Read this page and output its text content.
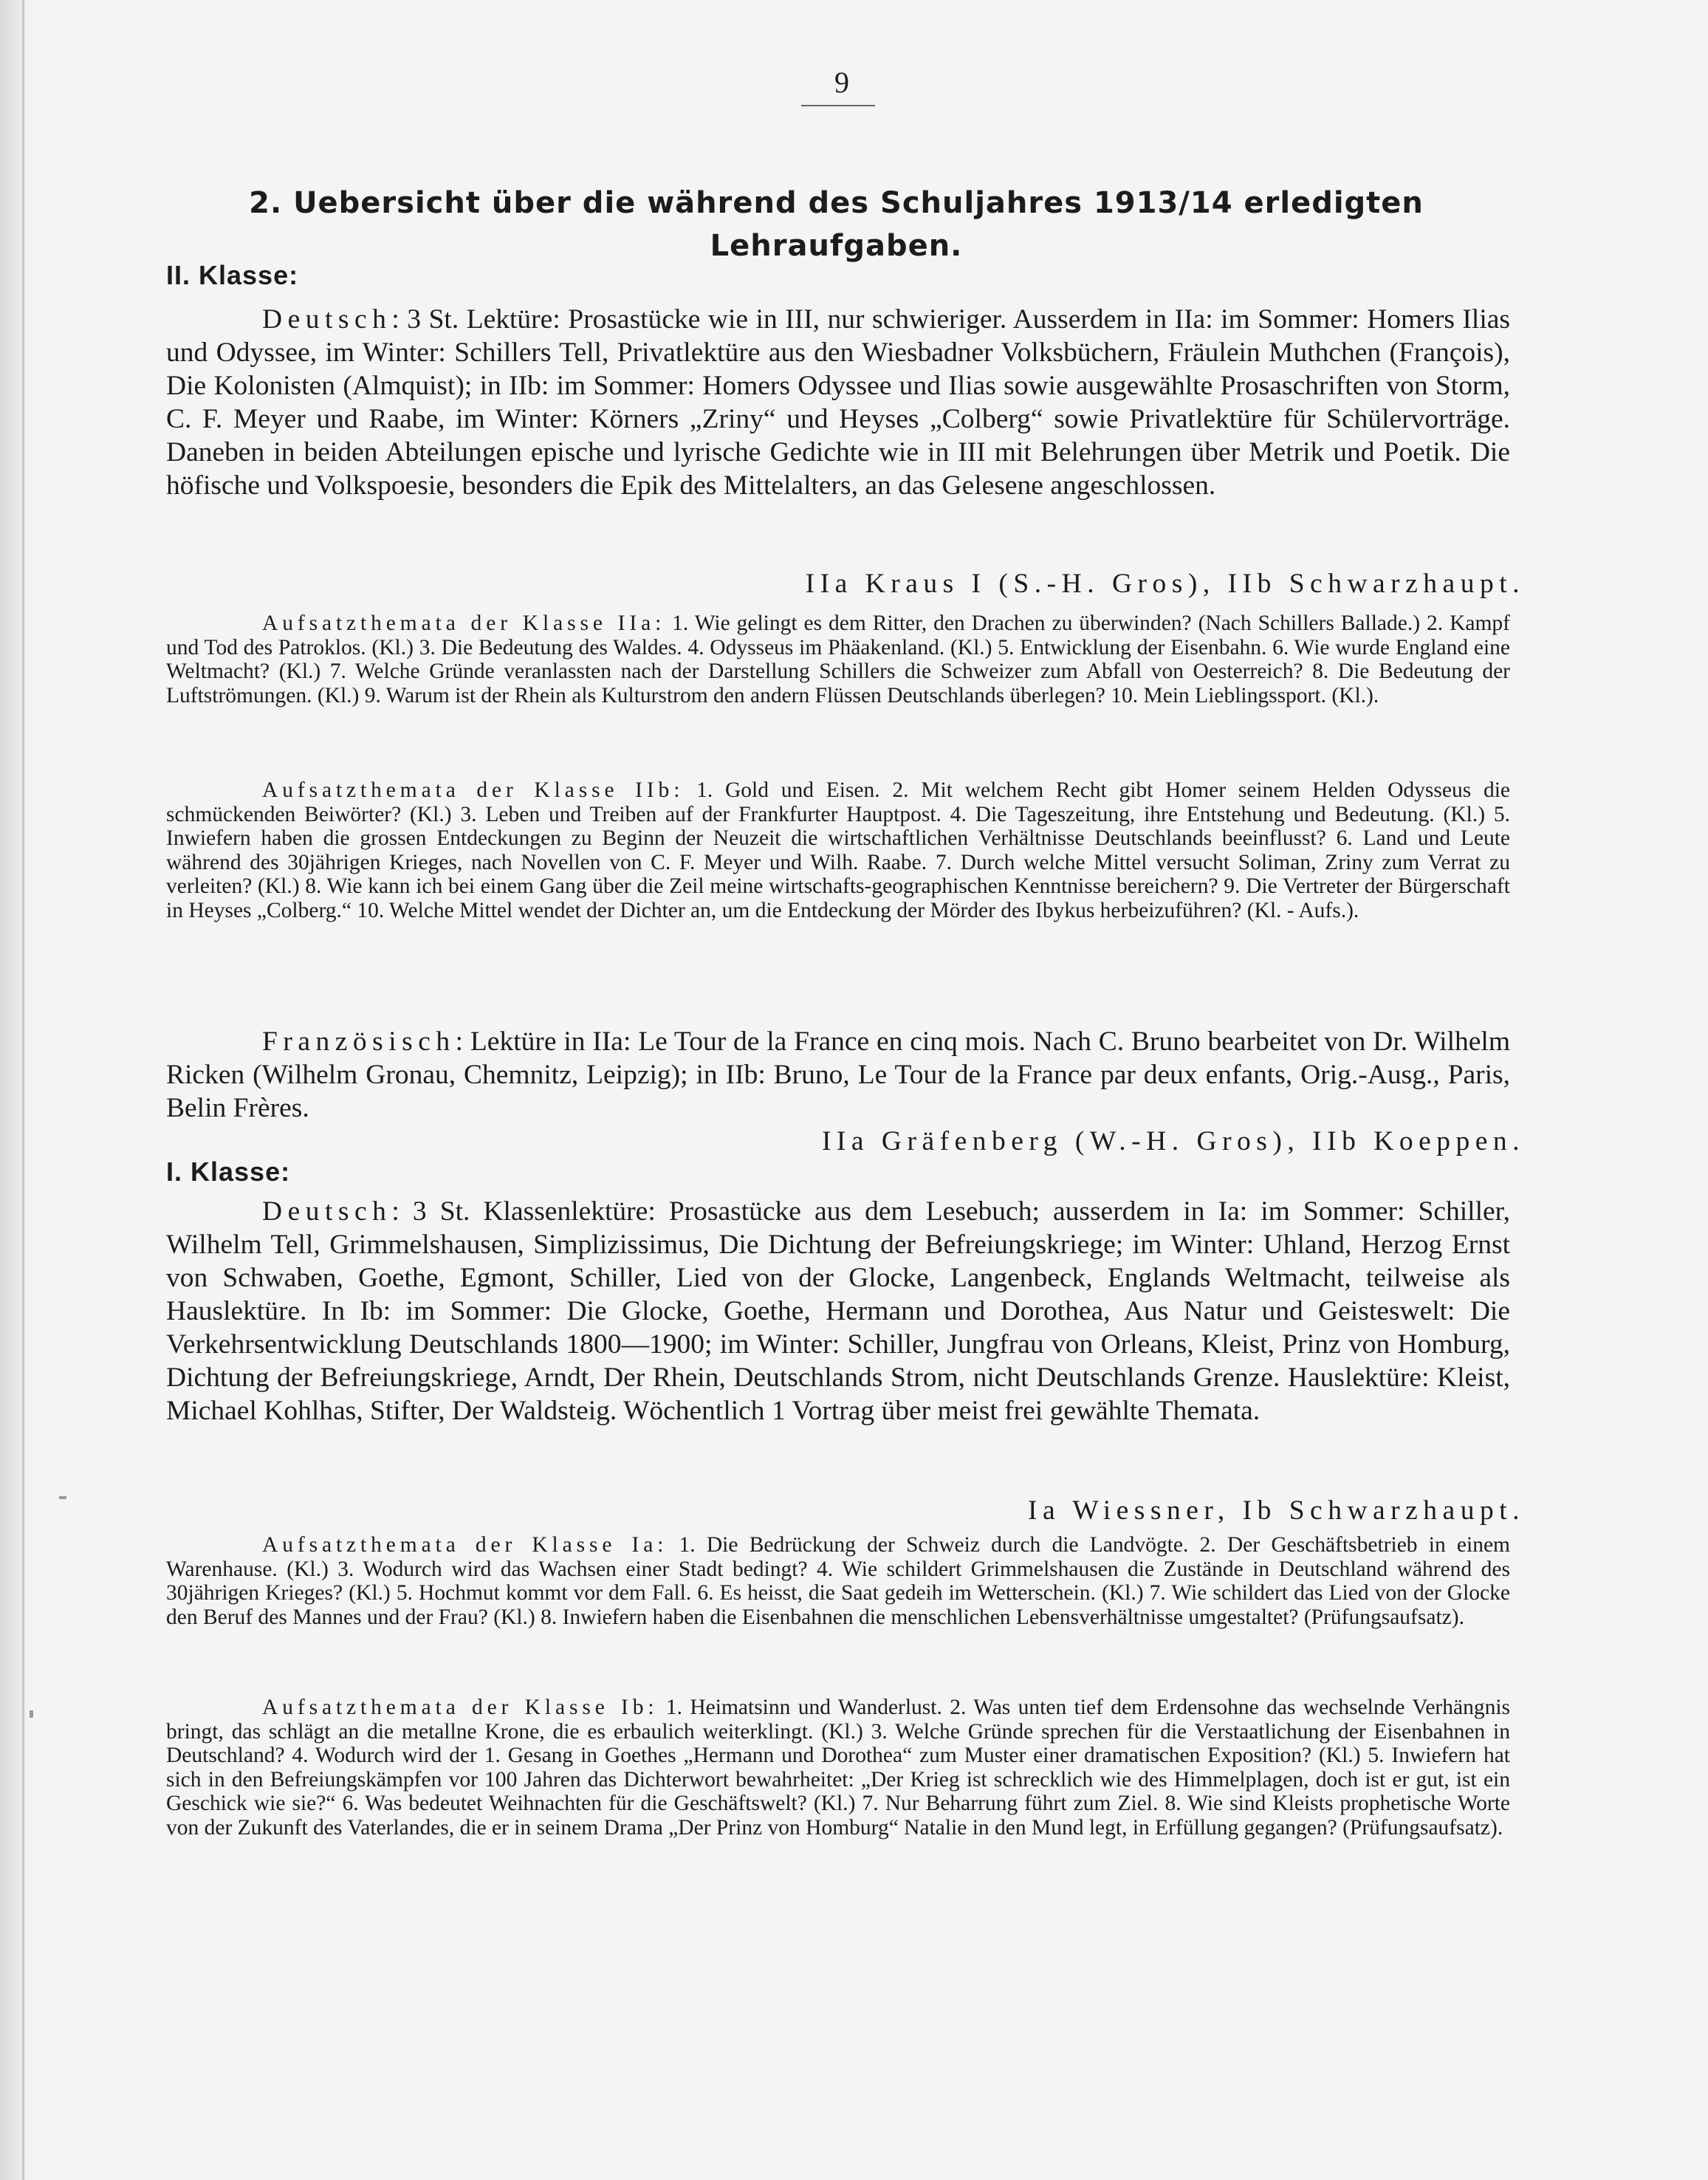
9
2. Uebersicht über die während des Schuljahres 1913/14 erledigten
Lehraufgaben.
II. Klasse:
Deutsch: 3 St. Lektüre: Prosastücke wie in III, nur schwieriger. Ausserdem in IIa: im Sommer: Homers Ilias und Odyssee, im Winter: Schillers Tell, Privatlektüre aus den Wiesbadner Volksbüchern, Fräulein Muthchen (François), Die Kolonisten (Almquist); in IIb: im Sommer: Homers Odyssee und Ilias sowie ausgewählte Prosaschriften von Storm, C. F. Meyer und Raabe, im Winter: Körners „Zriny“ und Heyses „Colberg“ sowie Privatlektüre für Schülervorträge. Daneben in beiden Abteilungen epische und lyrische Gedichte wie in III mit Belehrungen über Metrik und Poetik. Die höfische und Volkspoesie, besonders die Epik des Mittelalters, an das Gelesene angeschlossen.
IIa Kraus I (S.-H. Gros), IIb Schwarzhaupt.
Aufsatzthemata der Klasse IIa: 1. Wie gelingt es dem Ritter, den Drachen zu überwinden? (Nach Schillers Ballade.) 2. Kampf und Tod des Patroklos. (Kl.) 3. Die Bedeutung des Waldes. 4. Odysseus im Phäakenland. (Kl.) 5. Entwicklung der Eisenbahn. 6. Wie wurde England eine Weltmacht? (Kl.) 7. Welche Gründe veranlassten nach der Darstellung Schillers die Schweizer zum Abfall von Oesterreich? 8. Die Bedeutung der Luftströmungen. (Kl.) 9. Warum ist der Rhein als Kulturstrom den andern Flüssen Deutschlands überlegen? 10. Mein Lieblingssport. (Kl.).
Aufsatzthemata der Klasse IIb: 1. Gold und Eisen. 2. Mit welchem Recht gibt Homer seinem Helden Odysseus die schmückenden Beiwörter? (Kl.) 3. Leben und Treiben auf der Frankfurter Hauptpost. 4. Die Tageszeitung, ihre Entstehung und Bedeutung. (Kl.) 5. Inwiefern haben die grossen Entdeckungen zu Beginn der Neuzeit die wirtschaftlichen Verhältnisse Deutschlands beeinflusst? 6. Land und Leute während des 30jährigen Krieges, nach Novellen von C. F. Meyer und Wilh. Raabe. 7. Durch welche Mittel versucht Soliman, Zriny zum Verrat zu verleiten? (Kl.) 8. Wie kann ich bei einem Gang über die Zeil meine wirtschafts-geographischen Kenntnisse bereichern? 9. Die Vertreter der Bürgerschaft in Heyses „Colberg.“ 10. Welche Mittel wendet der Dichter an, um die Entdeckung der Mörder des Ibykus herbeizuführen? (Kl. - Aufs.).
Französisch: Lektüre in IIa: Le Tour de la France en cinq mois. Nach C. Bruno bearbeitet von Dr. Wilhelm Ricken (Wilhelm Gronau, Chemnitz, Leipzig); in IIb: Bruno, Le Tour de la France par deux enfants, Orig.-Ausg., Paris, Belin Frères.
IIa Gräfenberg (W.-H. Gros), IIb Koeppen.
I. Klasse:
Deutsch: 3 St. Klassenlektüre: Prosastücke aus dem Lesebuch; ausserdem in Ia: im Sommer: Schiller, Wilhelm Tell, Grimmelshausen, Simplizissimus, Die Dichtung der Befreiungskriege; im Winter: Uhland, Herzog Ernst von Schwaben, Goethe, Egmont, Schiller, Lied von der Glocke, Langenbeck, Englands Weltmacht, teilweise als Hauslektüre. In Ib: im Sommer: Die Glocke, Goethe, Hermann und Dorothea, Aus Natur und Geisteswelt: Die Verkehrsentwicklung Deutschlands 1800—1900; im Winter: Schiller, Jungfrau von Orleans, Kleist, Prinz von Homburg, Dichtung der Befreiungskriege, Arndt, Der Rhein, Deutschlands Strom, nicht Deutschlands Grenze. Hauslektüre: Kleist, Michael Kohlhas, Stifter, Der Waldsteig. Wöchentlich 1 Vortrag über meist frei gewählte Themata.
Ia Wiessner, Ib Schwarzhaupt.
Aufsatzthemata der Klasse Ia: 1. Die Bedrückung der Schweiz durch die Landvögte. 2. Der Geschäftsbetrieb in einem Warenhause. (Kl.) 3. Wodurch wird das Wachsen einer Stadt bedingt? 4. Wie schildert Grimmelshausen die Zustände in Deutschland während des 30jährigen Krieges? (Kl.) 5. Hochmut kommt vor dem Fall. 6. Es heisst, die Saat gedeih im Wetterschein. (Kl.) 7. Wie schildert das Lied von der Glocke den Beruf des Mannes und der Frau? (Kl.) 8. Inwiefern haben die Eisenbahnen die menschlichen Lebensverhältnisse umgestaltet? (Prüfungsaufsatz).
Aufsatzthemata der Klasse Ib: 1. Heimatsinn und Wanderlust. 2. Was unten tief dem Erdensohne das wechselnde Verhängnis bringt, das schlägt an die metallne Krone, die es erbaulich weiterklingt. (Kl.) 3. Welche Gründe sprechen für die Verstaatlichung der Eisenbahnen in Deutschland? 4. Wodurch wird der 1. Gesang in Goethes „Hermann und Dorothea“ zum Muster einer dramatischen Exposition? (Kl.) 5. Inwiefern hat sich in den Befreiungskämpfen vor 100 Jahren das Dichterwort bewahrheitet: „Der Krieg ist schrecklich wie des Himmelplagen, doch ist er gut, ist ein Geschick wie sie?“ 6. Was bedeutet Weihnachten für die Geschäftswelt? (Kl.) 7. Nur Beharrung führt zum Ziel. 8. Wie sind Kleists prophetische Worte von der Zukunft des Vaterlandes, die er in seinem Drama „Der Prinz von Homburg“ Natalie in den Mund legt, in Erfüllung gegangen? (Prüfungsaufsatz).
